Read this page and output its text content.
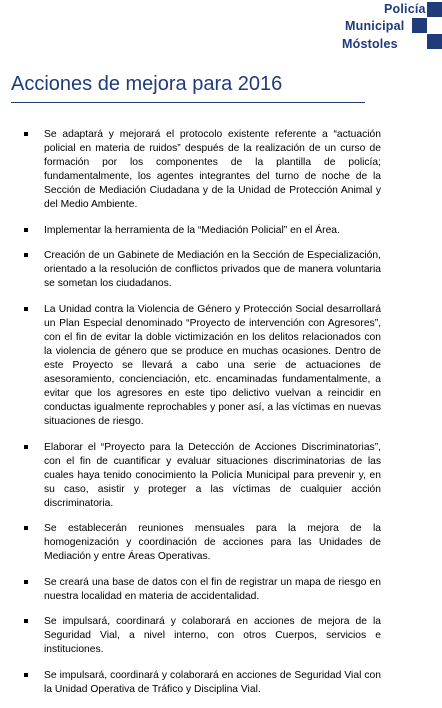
Policía
Municipal
Móstoles
Acciones de mejora para 2016
Se adaptará y mejorará el protocolo existente referente a “actuación policial en materia de ruidos” después de la realización de un curso de formación por los componentes de la plantilla de policía; fundamentalmente, los agentes integrantes del turno de noche de la Sección de Mediación Ciudadana y de la Unidad de Protección Animal y del Medio Ambiente.
Implementar la herramienta de la “Mediación Policial” en el Área.
Creación de un Gabinete de Mediación en la Sección de Especialización, orientado a la resolución de conflictos privados que de manera voluntaria se sometan los ciudadanos.
La Unidad contra la Violencia de Género y Protección Social desarrollará un Plan Especial denominado “Proyecto de intervención con Agresores”, con el fin de evitar la doble victimización en los delitos relacionados con la violencia de género que se produce en muchas ocasiones. Dentro de este Proyecto se llevará a cabo una serie de actuaciones de asesoramiento, concienciación, etc. encaminadas fundamentalmente, a evitar que los agresores en este tipo delictivo vuelvan a reincidir en conductas igualmente reprochables y poner así, a las víctimas en nuevas situaciones de riesgo.
Elaborar el “Proyecto para la Detección de Acciones Discriminatorias”, con el fin de cuantificar y evaluar situaciones discriminatorias de las cuales haya tenido conocimiento la Policía Municipal para prevenir y, en su caso, asistir y proteger a las víctimas de cualquier acción discriminatoria.
Se establecerán reuniones mensuales para la mejora de la homogenización y coordinación de acciones para las Unidades de Mediación y entre Áreas Operativas.
Se creará una base de datos con el fin de registrar un mapa de riesgo en nuestra localidad en materia de accidentalidad.
Se impulsará, coordinará y colaborará en acciones de mejora de la Seguridad Vial, a nivel interno, con otros Cuerpos, servicios e instituciones.
Se impulsará, coordinará y colaborará en acciones de Seguridad Vial con la Unidad Operativa de Tráfico y Disciplina Vial.
